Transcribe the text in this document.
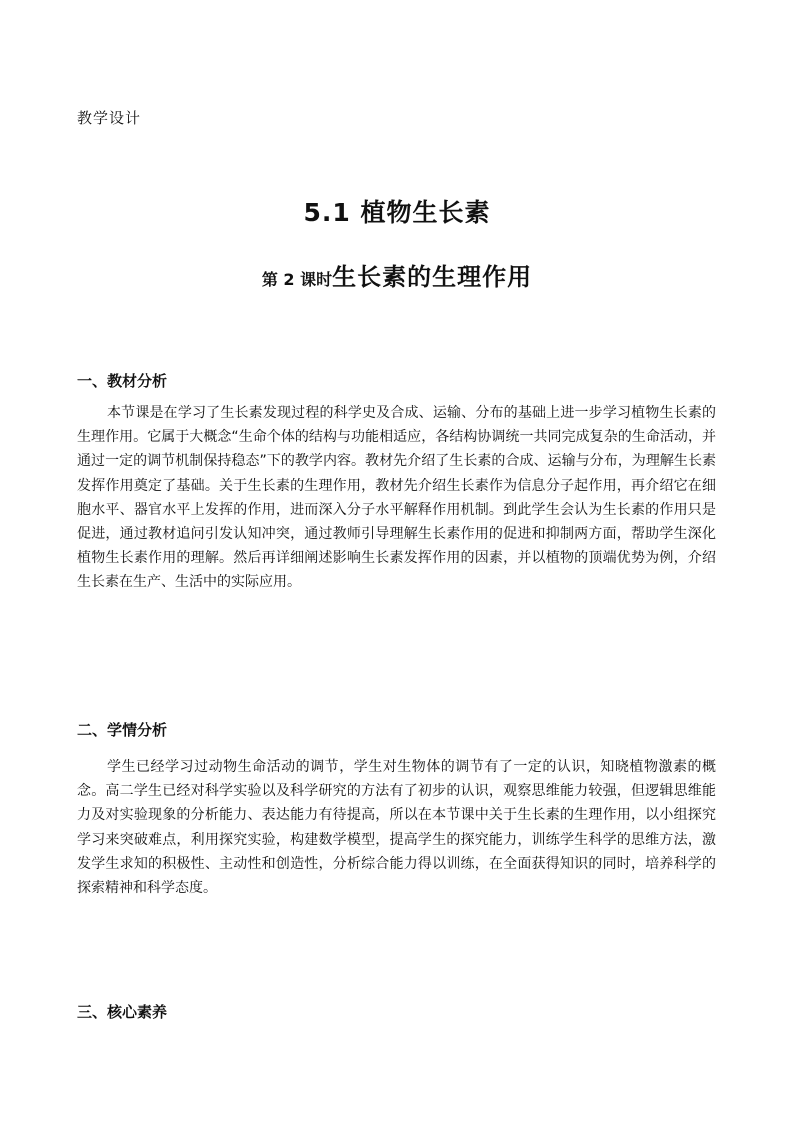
教学设计
5.1 植物生长素
第 2 课时生长素的生理作用
一、教材分析

本节课是在学习了生长素发现过程的科学史及合成、运输、分布的基础上进一步学习植物生长素的生理作用。它属于大概念“生命个体的结构与功能相适应，各结构协调统一共同完成复杂的生命活动，并通过一定的调节机制保持稳态”下的教学内容。教材先介绍了生长素的合成、运输与分布，为理解生长素发挥作用奠定了基础。关于生长素的生理作用，教材先介绍生长素作为信息分子起作用，再介绍它在细胞水平、器官水平上发挥的作用，进而深入分子水平解释作用机制。到此学生会认为生长素的作用只是促进，通过教材追问引发认知冲突，通过教师引导理解生长素作用的促进和抑制两方面，帮助学生深化植物生长素作用的理解。然后再详细阐述影响生长素发挥作用的因素，并以植物的顶端优势为例，介绍生长素在生产、生活中的实际应用。

二、学情分析

学生已经学习过动物生命活动的调节，学生对生物体的调节有了一定的认识，知晓植物激素的概念。高二学生已经对科学实验以及科学研究的方法有了初步的认识，观察思维能力较强，但逻辑思维能力及对实验现象的分析能力、表达能力有待提高，所以在本节课中关于生长素的生理作用，以小组探究学习来突破难点，利用探究实验，构建数学模型，提高学生的探究能力，训练学生科学的思维方法，激发学生求知的积极性、主动性和创造性，分析综合能力得以训练，在全面获得知识的同时，培养科学的探索精神和科学态度。

三、核心素养
